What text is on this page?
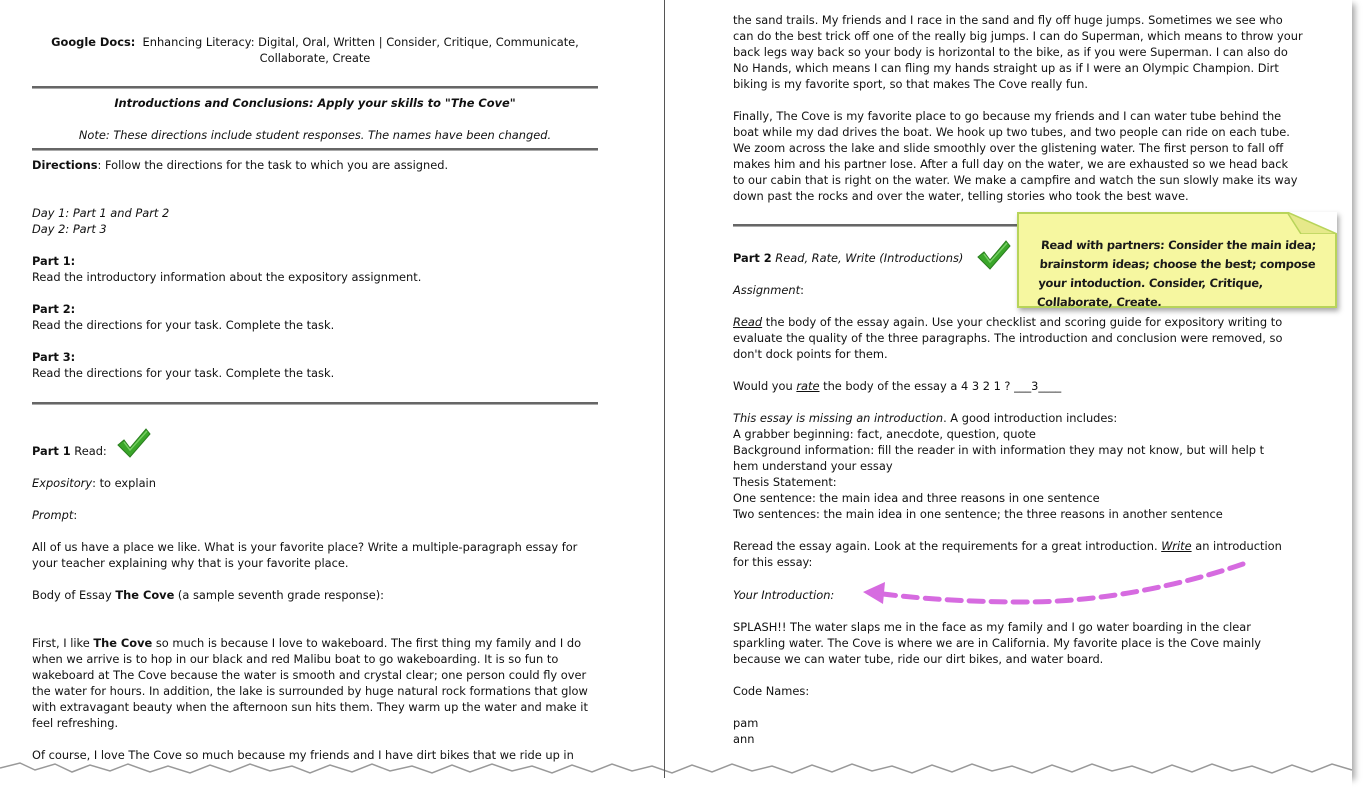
Google Docs: Enhancing Literacy: Digital, Oral, Written | Consider, Critique, Communicate, Collaborate, Create

Introductions and Conclusions: Apply your skills to "The Cove"

Note: These directions include student responses. The names have been changed.

Directions: Follow the directions for the task to which you are assigned.

Day 1: Part 1 and Part 2

Day 2: Part 3

Part 1:

Read the introductory information about the expository assignment.

Part 2:

Read the directions for your task. Complete the task.

Part 3:

Read the directions for your task. Complete the task.

Part 1 Read:

Expository: to explain

Prompt:

All of us have a place we like. What is your favorite place? Write a multiple-paragraph essay for your teacher explaining why that is your favorite place.

Body of Essay The Cove (a sample seventh grade response):

First, I like The Cove so much is because I love to wakeboard. The first thing my family and I do when we arrive is to hop in our black and red Malibu boat to go wakeboarding. It is so fun to wakeboard at The Cove because the water is smooth and crystal clear; one person could fly over the water for hours. In addition, the lake is surrounded by huge natural rock formations that glow with extravagant beauty when the afternoon sun hits them. They warm up the water and make it feel refreshing.

Of course, I love The Cove so much because my friends and I have dirt bikes that we ride up in

the sand trails. My friends and I race in the sand and fly off huge jumps. Sometimes we see who can do the best trick off one of the really big jumps. I can do Superman, which means to throw your back legs way back so your body is horizontal to the bike, as if you were Superman. I can also do No Hands, which means I can fling my hands straight up as if I were an Olympic Champion. Dirt biking is my favorite sport, so that makes The Cove really fun.

Finally, The Cove is my favorite place to go because my friends and I can water tube behind the boat while my dad drives the boat. We hook up two tubes, and two people can ride on each tube. We zoom across the lake and slide smoothly over the glistening water. The first person to fall off makes him and his partner lose. After a full day on the water, we are exhausted so we head back to our cabin that is right on the water. We make a campfire and watch the sun slowly make its way down past the rocks and over the water, telling stories who took the best wave.

Part 2 Read, Rate, Write (Introductions)

Assignment:

Read the body of the essay again. Use your checklist and scoring guide for expository writing to evaluate the quality of the three paragraphs. The introduction and conclusion were removed, so don't dock points for them.

Would you rate the body of the essay a 4 3 2 1 ? ___3____

This essay is missing an introduction. A good introduction includes:

A grabber beginning: fact, anecdote, question, quote

Background information: fill the reader in with information they may not know, but will help t hem understand your essay

Thesis Statement:

One sentence: the main idea and three reasons in one sentence

Two sentences: the main idea in one sentence; the three reasons in another sentence

Reread the essay again. Look at the requirements for a great introduction. Write an introduction for this essay:

Your Introduction:

SPLASH!! The water slaps me in the face as my family and I go water boarding in the clear sparkling water. The Cove is where we are in California. My favorite place is the Cove mainly because we can water tube, ride our dirt bikes, and water board.

Code Names:

pam

ann

Read with partners: Consider the main idea; brainstorm ideas; choose the best; compose your intoduction. Consider, Critique, Collaborate, Create.
